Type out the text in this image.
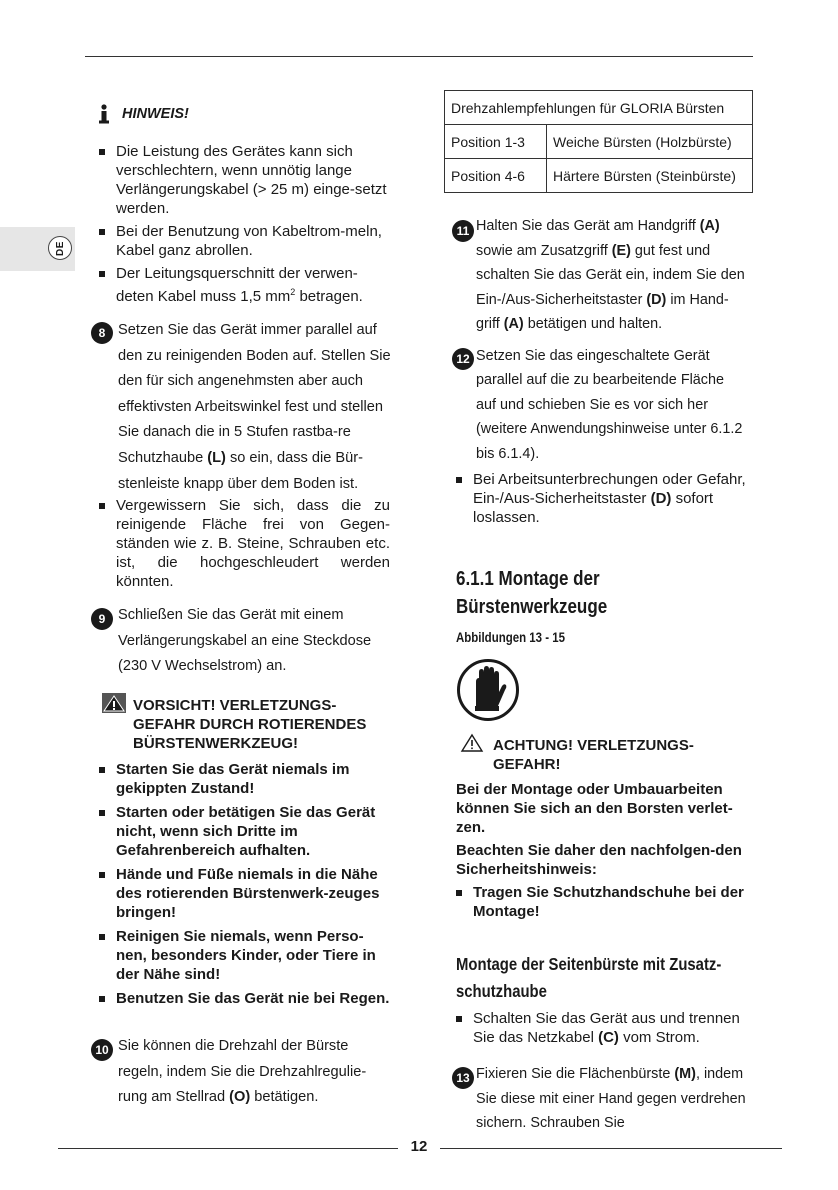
DE
HINWEIS!
Die Leistung des Gerätes kann sich verschlechtern, wenn unnötig lange Verlängerungskabel (> 25 m) einge-setzt werden.
Bei der Benutzung von Kabeltrom-meln, Kabel ganz abrollen.
Der Leitungsquerschnitt der verwen-deten Kabel muss 1,5 $mm^2$ betragen.
8 Setzen Sie das Gerät immer parallel auf den zu reinigenden Boden auf. Stellen Sie den für sich angenehmsten aber auch effektivsten Arbeitswinkel fest und stellen Sie danach die in 5 Stufen rastba-re Schutzhaube (L) so ein, dass die Bür-stenleiste knapp über dem Boden ist.
Vergewissern Sie sich, dass die zu reinigende Fläche frei von Gegen-ständen wie z. B. Steine, Schrauben etc. ist, die hochgeschleudert werden könnten.
9 Schließen Sie das Gerät mit einem Verlängerungskabel an eine Steckdose (230 V Wechselstrom) an.
VORSICHT! VERLETZUNGS-GEFAHR DURCH ROTIERENDES BÜRSTENWERKZEUG!
Starten Sie das Gerät niemals im gekippten Zustand!
Starten oder betätigen Sie das Gerät nicht, wenn sich Dritte im Gefahrenbereich aufhalten.
Hände und Füße niemals in die Nähe des rotierenden Bürstenwerk-zeuges bringen!
Reinigen Sie niemals, wenn Perso-nen, besonders Kinder, oder Tiere in der Nähe sind!
Benutzen Sie das Gerät nie bei Regen.
10 Sie können die Drehzahl der Bürste regeln, indem Sie die Drehzahlregulie-rung am Stellrad (O) betätigen.
Drehzahlempfehlungen für GLORIA Bürsten	
Position 1-3	Weiche Bürsten (Holzbürste)
Position 4-6	Härtere Bürsten (Steinbürste)
11 Halten Sie das Gerät am Handgriff (A) sowie am Zusatzgriff (E) gut fest und schalten Sie das Gerät ein, indem Sie den Ein-/Aus-Sicherheitstaster (D) im Hand-griff (A) betätigen und halten.
12 Setzen Sie das eingeschaltete Gerät parallel auf die zu bearbeitende Fläche auf und schieben Sie es vor sich her (weitere Anwendungshinweise unter 6.1.2 bis 6.1.4).
Bei Arbeitsunterbrechungen oder Gefahr, Ein-/Aus-Sicherheitstaster (D) sofort loslassen.
6.1.1 Montage der Bürstenwerkzeuge
Abbildungen 13 - 15
ACHTUNG! VERLETZUNGS-GEFAHR!
Bei der Montage oder Umbauarbeiten können Sie sich an den Borsten verlet-zen.
Beachten Sie daher den nachfolgen-den Sicherheitshinweis:
Tragen Sie Schutzhandschuhe bei der Montage!
Montage der Seitenbürste mit Zusatz-schutzhaube
Schalten Sie das Gerät aus und trennen Sie das Netzkabel (C) vom Strom.
13 Fixieren Sie die Flächenbürste (M), indem Sie diese mit einer Hand gegen verdrehen sichern. Schrauben Sie
12
